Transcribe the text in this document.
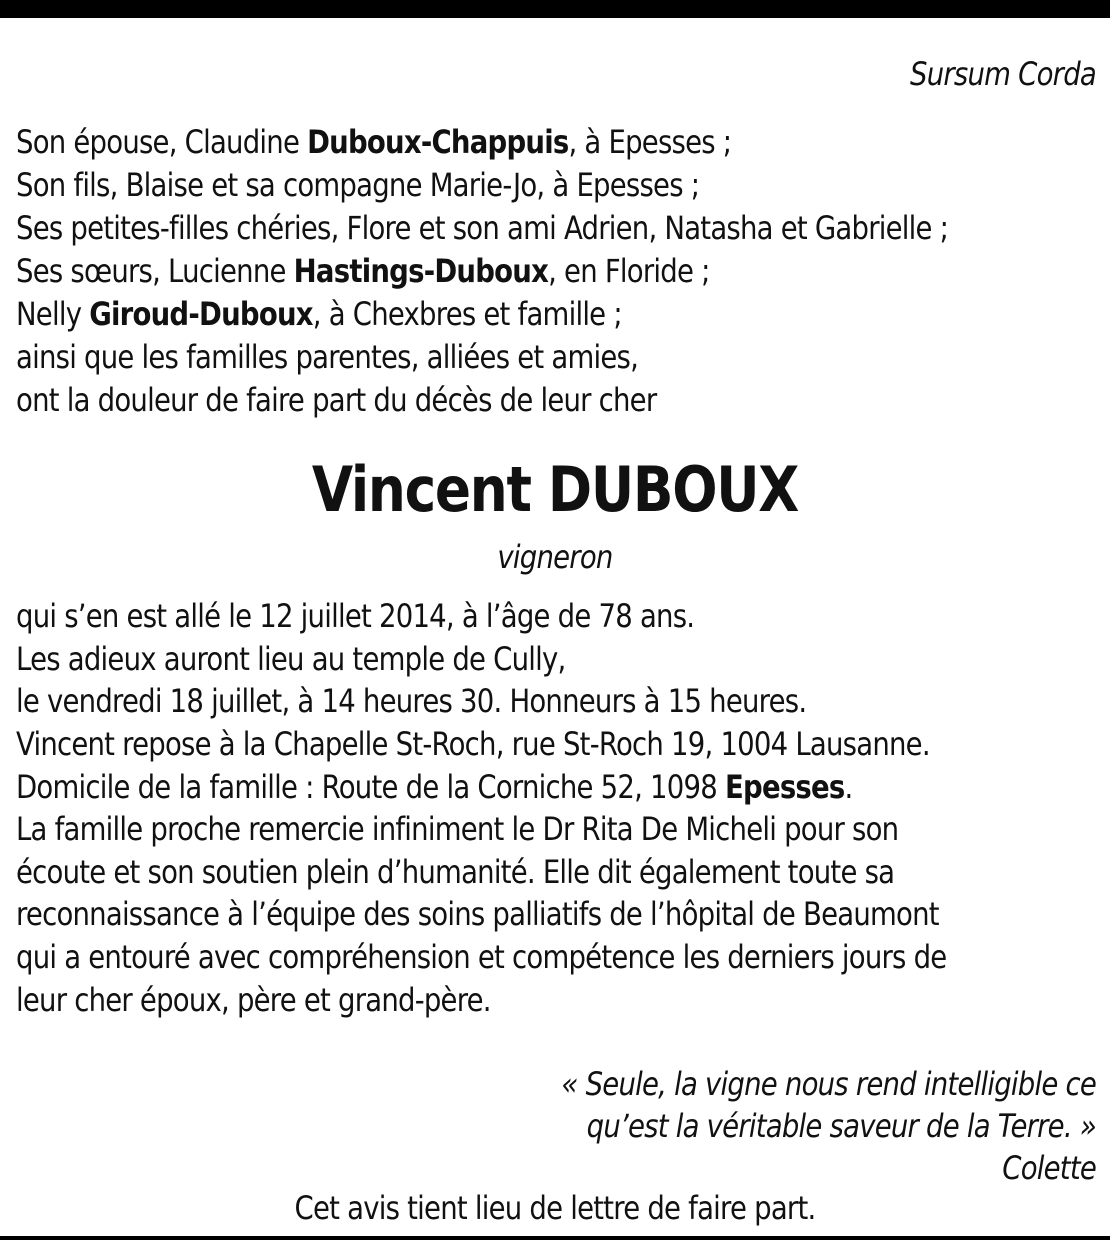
Sursum Corda
Son épouse, Claudine Duboux-Chappuis, à Epesses ;
Son fils, Blaise et sa compagne Marie-Jo, à Epesses ;
Ses petites-filles chéries, Flore et son ami Adrien, Natasha et Gabrielle ;
Ses sœurs, Lucienne Hastings-Duboux, en Floride ;
Nelly Giroud-Duboux, à Chexbres et famille ;
ainsi que les familles parentes, alliées et amies,
ont la douleur de faire part du décès de leur cher
Vincent DUBOUX
vigneron
qui s’en est allé le 12 juillet 2014, à l’âge de 78 ans.
Les adieux auront lieu au temple de Cully,
le vendredi 18 juillet, à 14 heures 30. Honneurs à 15 heures.
Vincent repose à la Chapelle St-Roch, rue St-Roch 19, 1004 Lausanne.
Domicile de la famille : Route de la Corniche 52, 1098 Epesses.
La famille proche remercie infiniment le Dr Rita De Micheli pour son
écoute et son soutien plein d’humanité. Elle dit également toute sa
reconnaissance à l’équipe des soins palliatifs de l’hôpital de Beaumont
qui a entouré avec compréhension et compétence les derniers jours de
leur cher époux, père et grand-père.
« Seule, la vigne nous rend intelligible ce
qu’est la véritable saveur de la Terre. »
Colette
Cet avis tient lieu de lettre de faire part.
